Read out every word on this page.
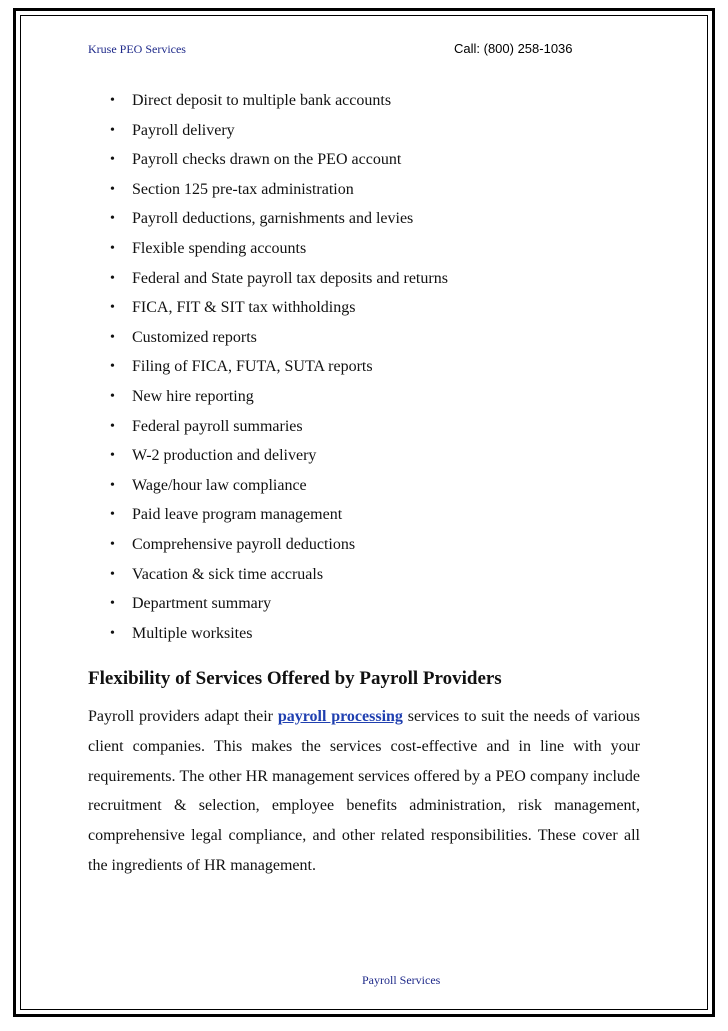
Kruse PEO Services	Call: (800) 258-1036
• Direct deposit to multiple bank accounts
• Payroll delivery
• Payroll checks drawn on the PEO account
• Section 125 pre-tax administration
• Payroll deductions, garnishments and levies
• Flexible spending accounts
• Federal and State payroll tax deposits and returns
• FICA, FIT & SIT tax withholdings
• Customized reports
• Filing of FICA, FUTA, SUTA reports
• New hire reporting
• Federal payroll summaries
• W-2 production and delivery
• Wage/hour law compliance
• Paid leave program management
• Comprehensive payroll deductions
• Vacation & sick time accruals
• Department summary
• Multiple worksites
Flexibility of Services Offered by Payroll Providers

Payroll providers adapt their payroll processing services to suit the needs of various client companies. This makes the services cost-effective and in line with your requirements. The other HR management services offered by a PEO company include recruitment & selection, employee benefits administration, risk management, comprehensive legal compliance, and other related responsibilities. These cover all the ingredients of HR management.

Payroll Services
